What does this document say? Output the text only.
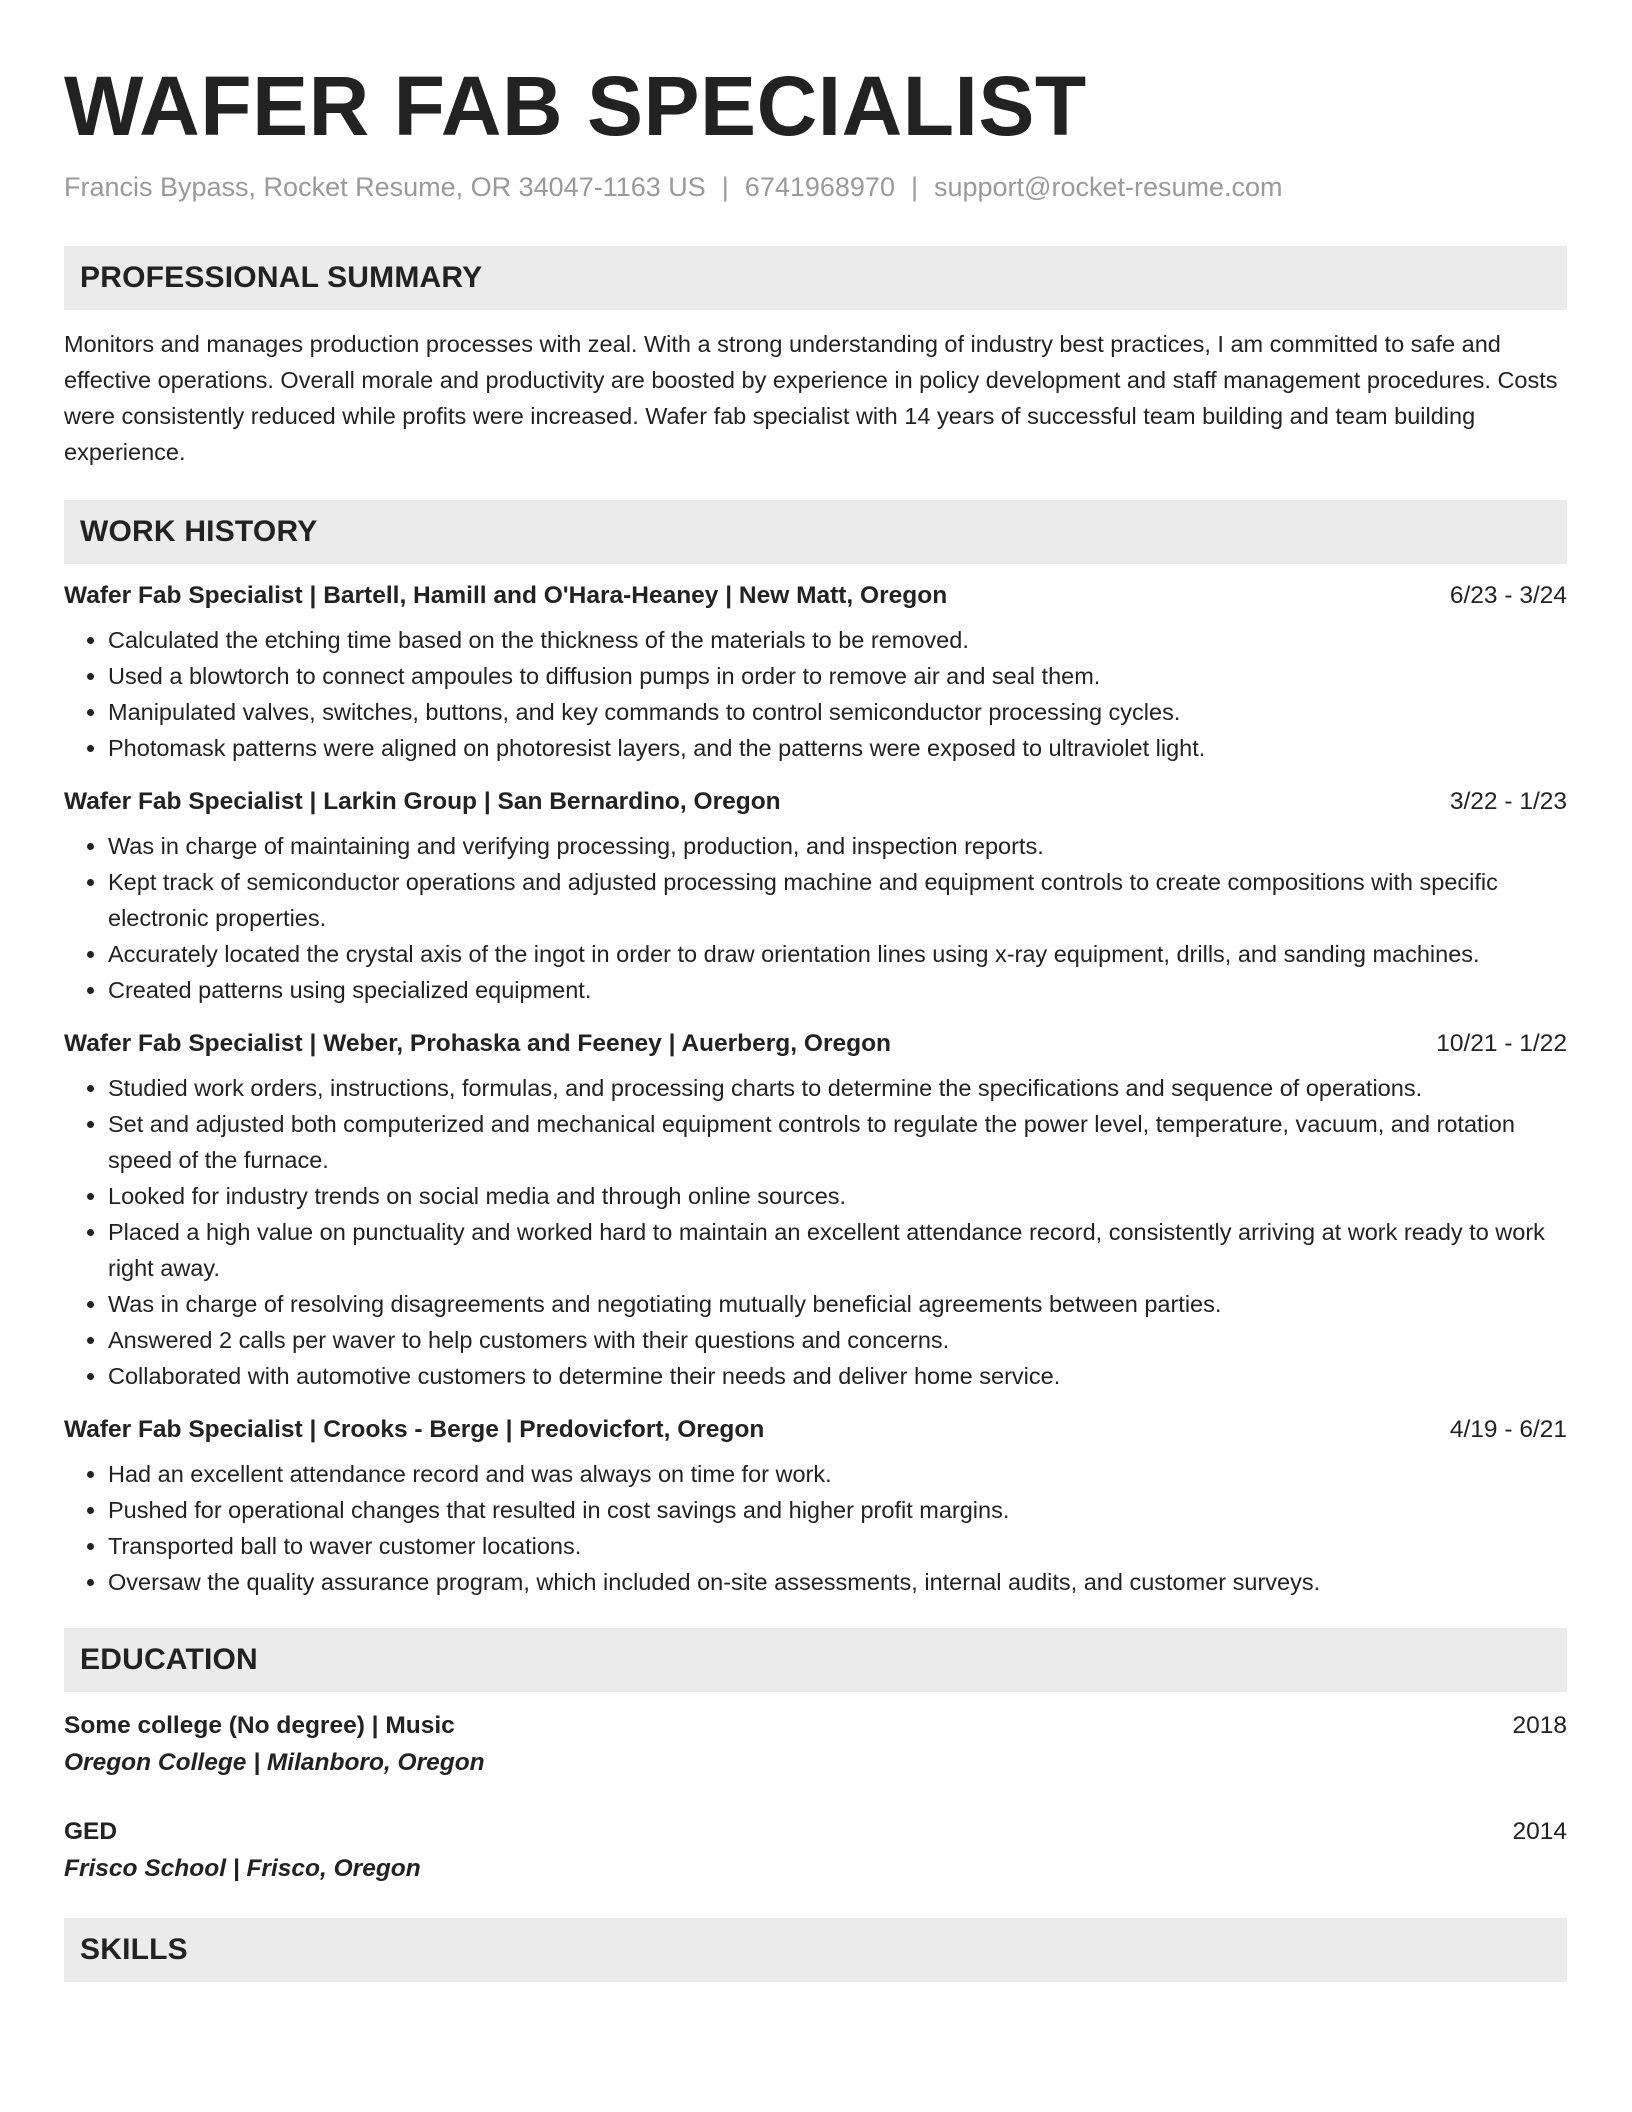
WAFER FAB SPECIALIST
Francis Bypass, Rocket Resume, OR 34047-1163 US | 6741968970 | support@rocket-resume.com
PROFESSIONAL SUMMARY

Monitors and manages production processes with zeal. With a strong understanding of industry best practices, I am committed to safe and effective operations. Overall morale and productivity are boosted by experience in policy development and staff management procedures. Costs were consistently reduced while profits were increased. Wafer fab specialist with 14 years of successful team building and team building experience.

WORK HISTORY
Wafer Fab Specialist | Bartell, Hamill and O'Hara-Heaney | New Matt, Oregon	6/23 - 3/24
• Calculated the etching time based on the thickness of the materials to be removed.
• Used a blowtorch to connect ampoules to diffusion pumps in order to remove air and seal them.
• Manipulated valves, switches, buttons, and key commands to control semiconductor processing cycles.
• Photomask patterns were aligned on photoresist layers, and the patterns were exposed to ultraviolet light.
Wafer Fab Specialist | Larkin Group | San Bernardino, Oregon	3/22 - 1/23
• Was in charge of maintaining and verifying processing, production, and inspection reports.
• Kept track of semiconductor operations and adjusted processing machine and equipment controls to create compositions with specific electronic properties.
• Accurately located the crystal axis of the ingot in order to draw orientation lines using x-ray equipment, drills, and sanding machines.
• Created patterns using specialized equipment.
Wafer Fab Specialist | Weber, Prohaska and Feeney | Auerberg, Oregon	10/21 - 1/22
• Studied work orders, instructions, formulas, and processing charts to determine the specifications and sequence of operations.
• Set and adjusted both computerized and mechanical equipment controls to regulate the power level, temperature, vacuum, and rotation speed of the furnace.
• Looked for industry trends on social media and through online sources.
• Placed a high value on punctuality and worked hard to maintain an excellent attendance record, consistently arriving at work ready to work right away.
• Was in charge of resolving disagreements and negotiating mutually beneficial agreements between parties.
• Answered 2 calls per waver to help customers with their questions and concerns.
• Collaborated with automotive customers to determine their needs and deliver home service.
Wafer Fab Specialist | Crooks - Berge | Predovicfort, Oregon	4/19 - 6/21
• Had an excellent attendance record and was always on time for work.
• Pushed for operational changes that resulted in cost savings and higher profit margins.
• Transported ball to waver customer locations.
• Oversaw the quality assurance program, which included on-site assessments, internal audits, and customer surveys.
EDUCATION
Some college (No degree) | Music	2018
Oregon College | Milanboro, Oregon
GED	2014
Frisco School | Frisco, Oregon
SKILLS
